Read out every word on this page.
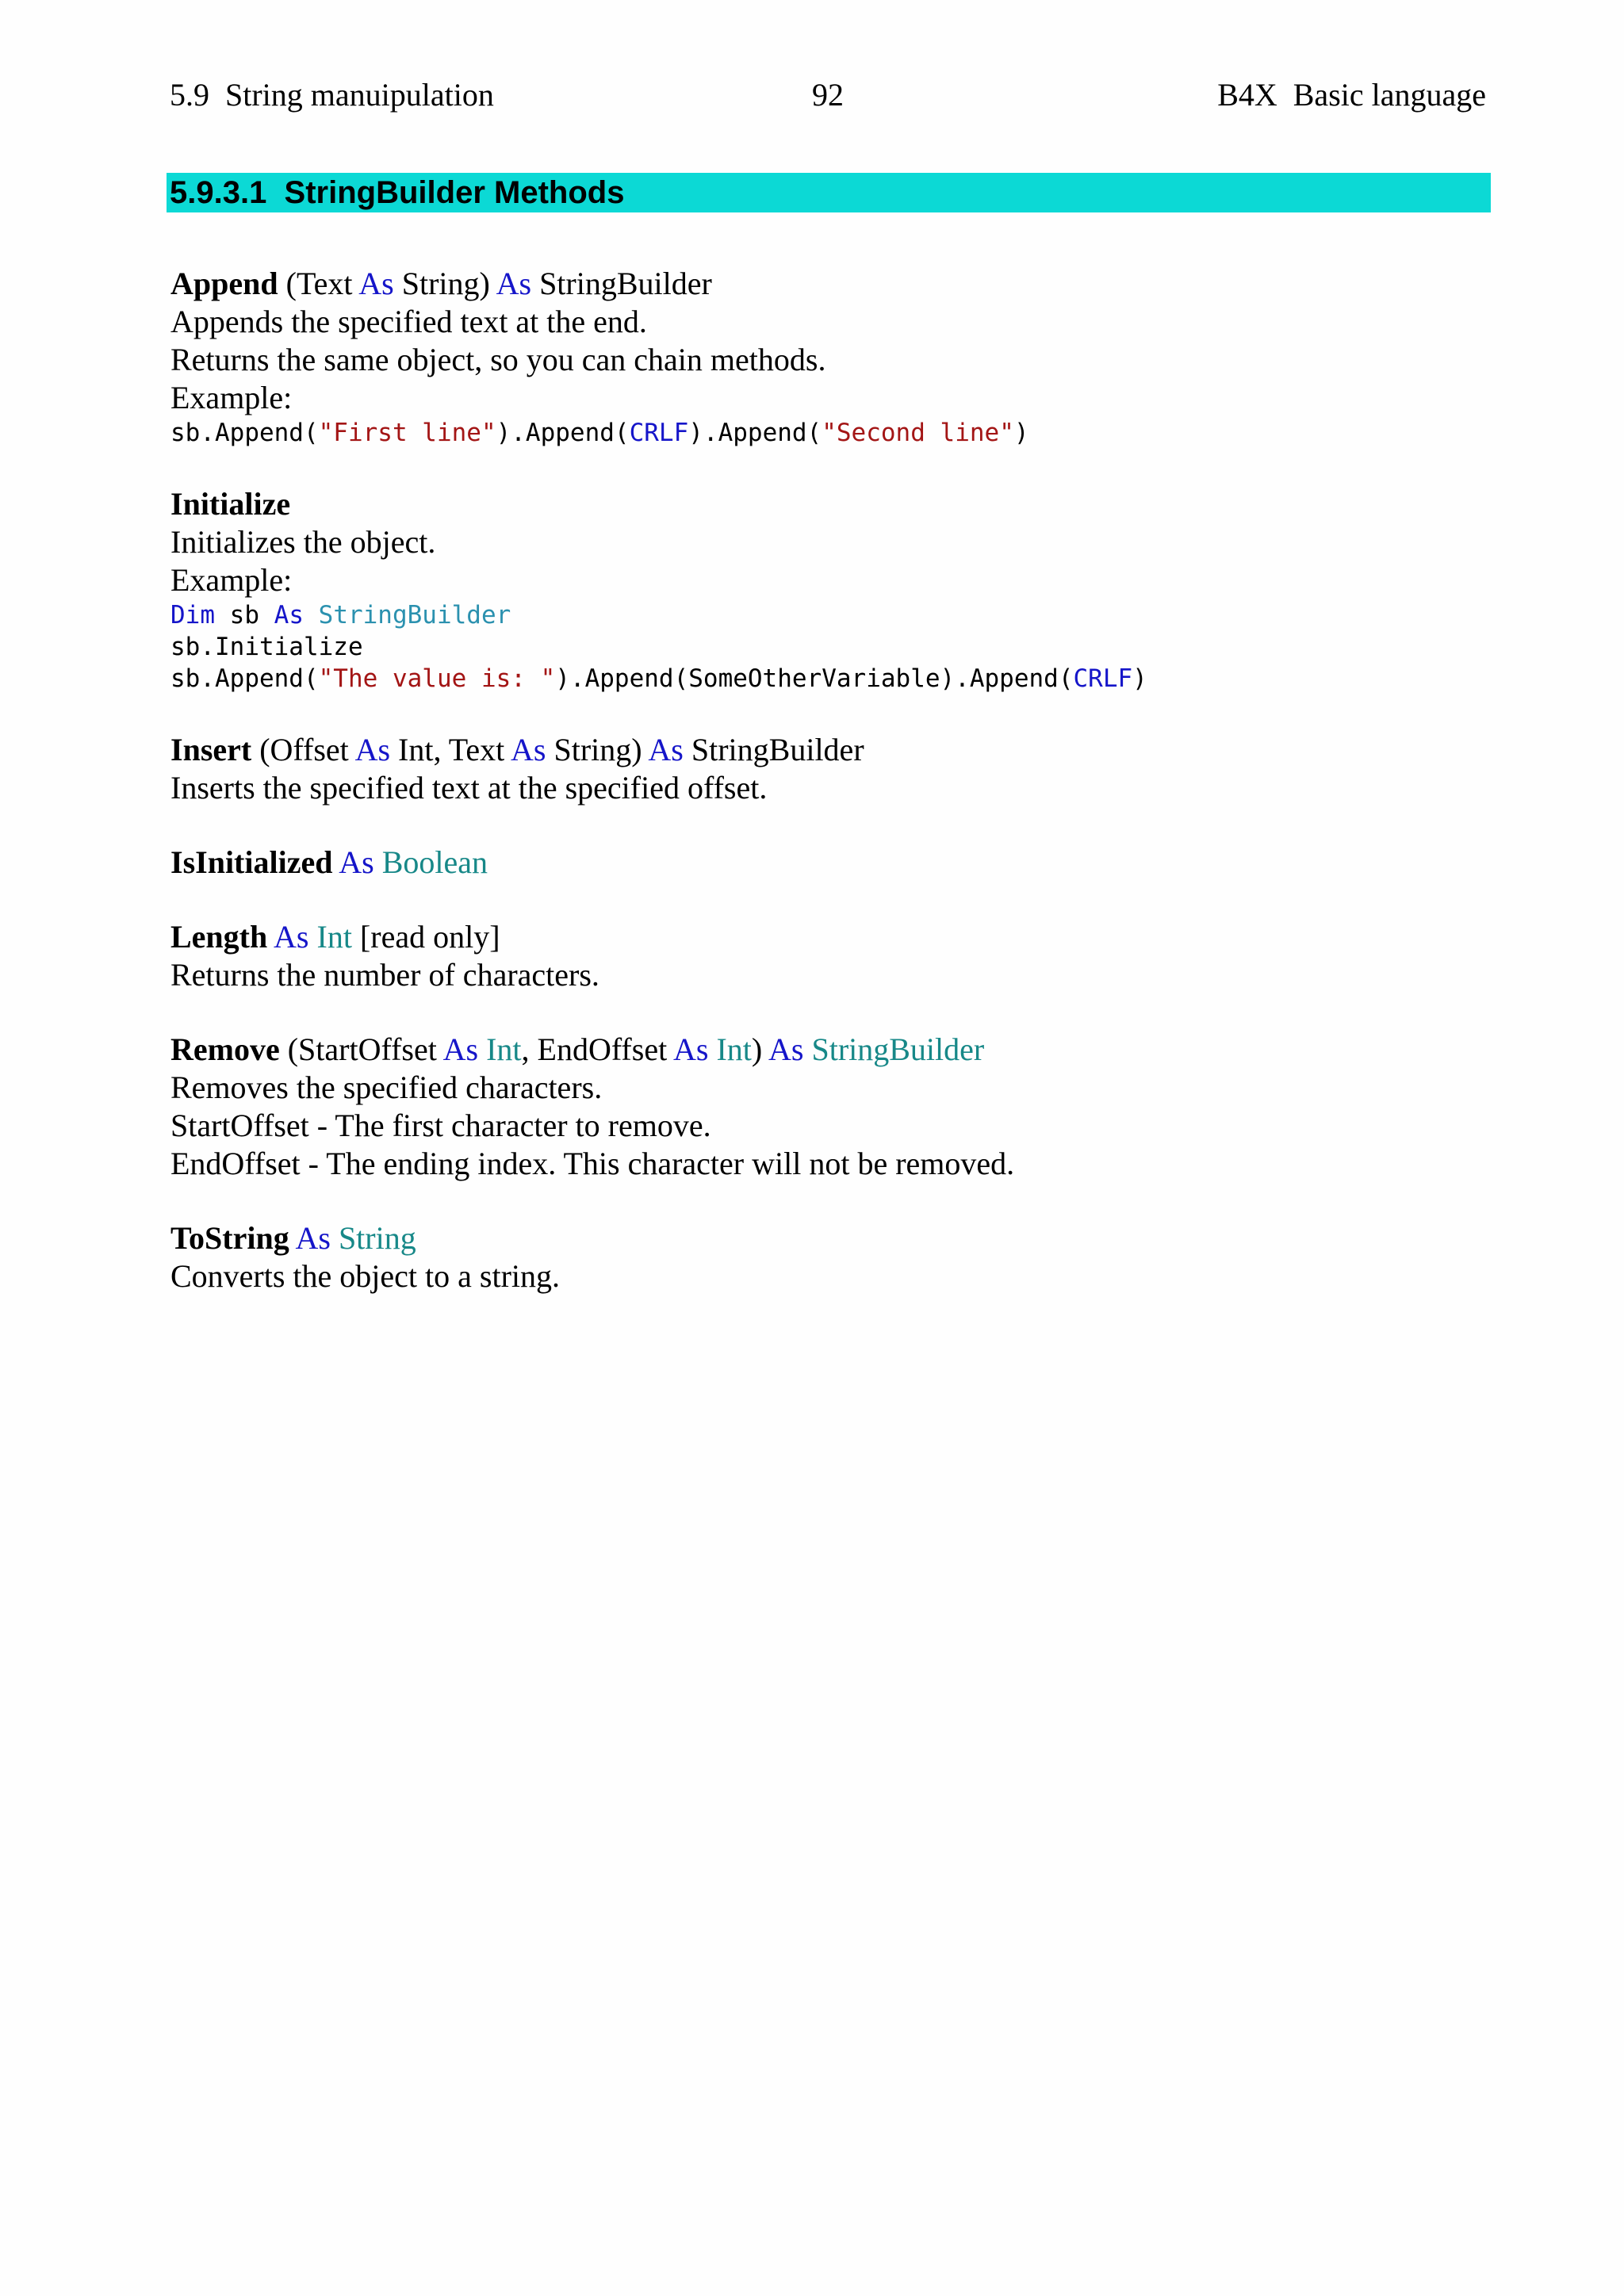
5.9  String manuipulation	92	B4X  Basic language
5.9.3.1  StringBuilder Methods
Append (Text As String) As StringBuilder
Appends the specified text at the end.
Returns the same object, so you can chain methods.
Example:
sb.Append("First line").Append(CRLF).Append("Second line")
Initialize
Initializes the object.
Example:
Dim sb As StringBuilder
sb.Initialize
sb.Append("The value is: ").Append(SomeOtherVariable).Append(CRLF)
Insert (Offset As Int, Text As String) As StringBuilder
Inserts the specified text at the specified offset.
IsInitialized As Boolean
Length As Int [read only]
Returns the number of characters.
Remove (StartOffset As Int, EndOffset As Int) As StringBuilder
Removes the specified characters.
StartOffset - The first character to remove.
EndOffset - The ending index. This character will not be removed.
ToString As String
Converts the object to a string.
